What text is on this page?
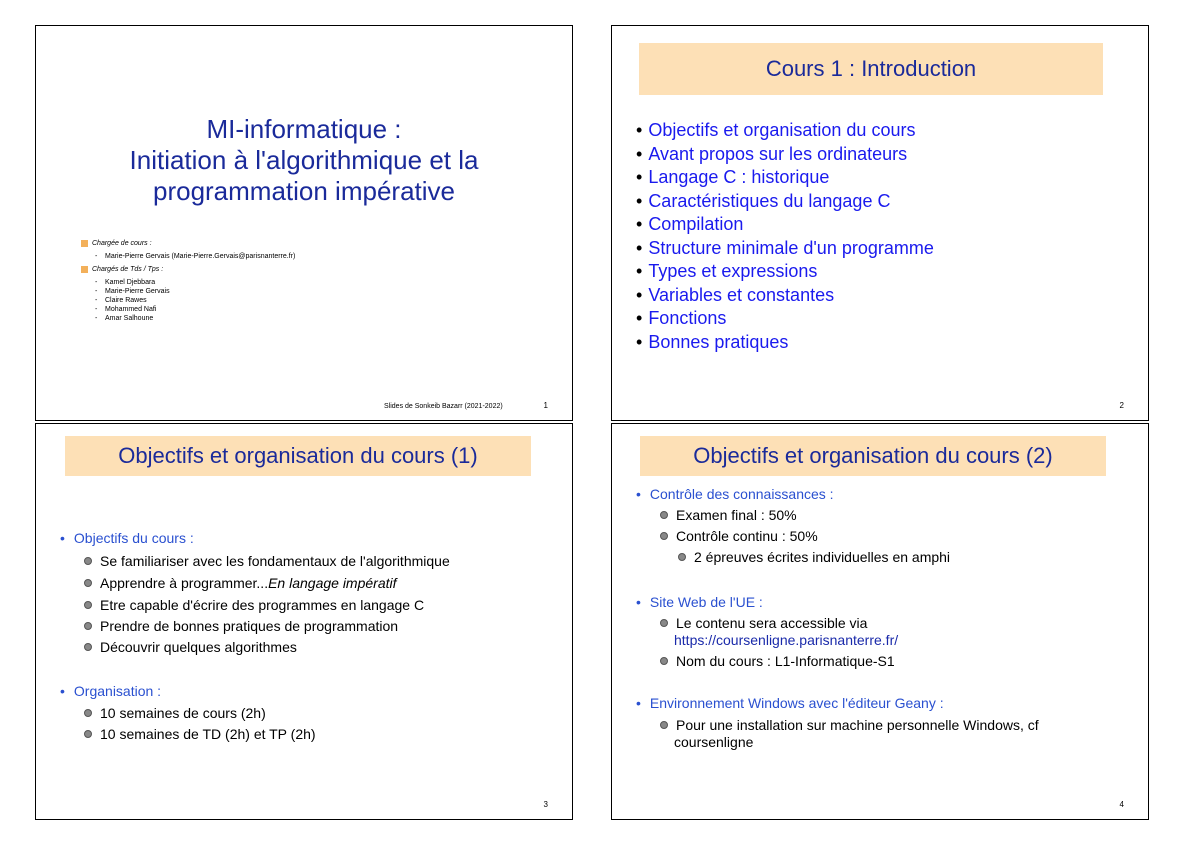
MI-informatique :
Initiation à l'algorithmique et la
programmation impérative
Chargée de cours :
- Marie-Pierre Gervais (Marie-Pierre.Gervais@parisnanterre.fr)
Chargés de Tds / Tps :
- Kamel Djebbara
- Marie-Pierre Gervais
- Claire Rawes
- Mohammed Nafi
- Amar Salhoune
Slides de Sonkeib Bazarr (2021-2022)	1
Cours 1 : Introduction
• Objectifs et organisation du cours
• Avant propos sur les ordinateurs
• Langage C : historique
• Caractéristiques du langage C
• Compilation
• Structure minimale d'un programme
• Types et expressions
• Variables et constantes
• Fonctions
• Bonnes pratiques
2
Objectifs et organisation du cours (1)
• Objectifs du cours :
Se familiariser avec les fondamentaux de l'algorithmique
Apprendre à programmer...En langage impératif
Etre capable d'écrire des programmes en langage C
Prendre de bonnes pratiques de programmation
Découvrir quelques algorithmes
• Organisation :
10 semaines de cours (2h)
10 semaines de TD (2h) et TP (2h)
3
Objectifs et organisation du cours (2)
• Contrôle des connaissances :
Examen final : 50%
Contrôle continu : 50%
2 épreuves écrites individuelles en amphi
• Site Web de l'UE :
Le contenu sera accessible via
https://coursenligne.parisnanterre.fr/
Nom du cours : L1-Informatique-S1
• Environnement Windows avec l'éditeur Geany :
Pour une installation sur machine personnelle Windows, cf
coursenligne
4
